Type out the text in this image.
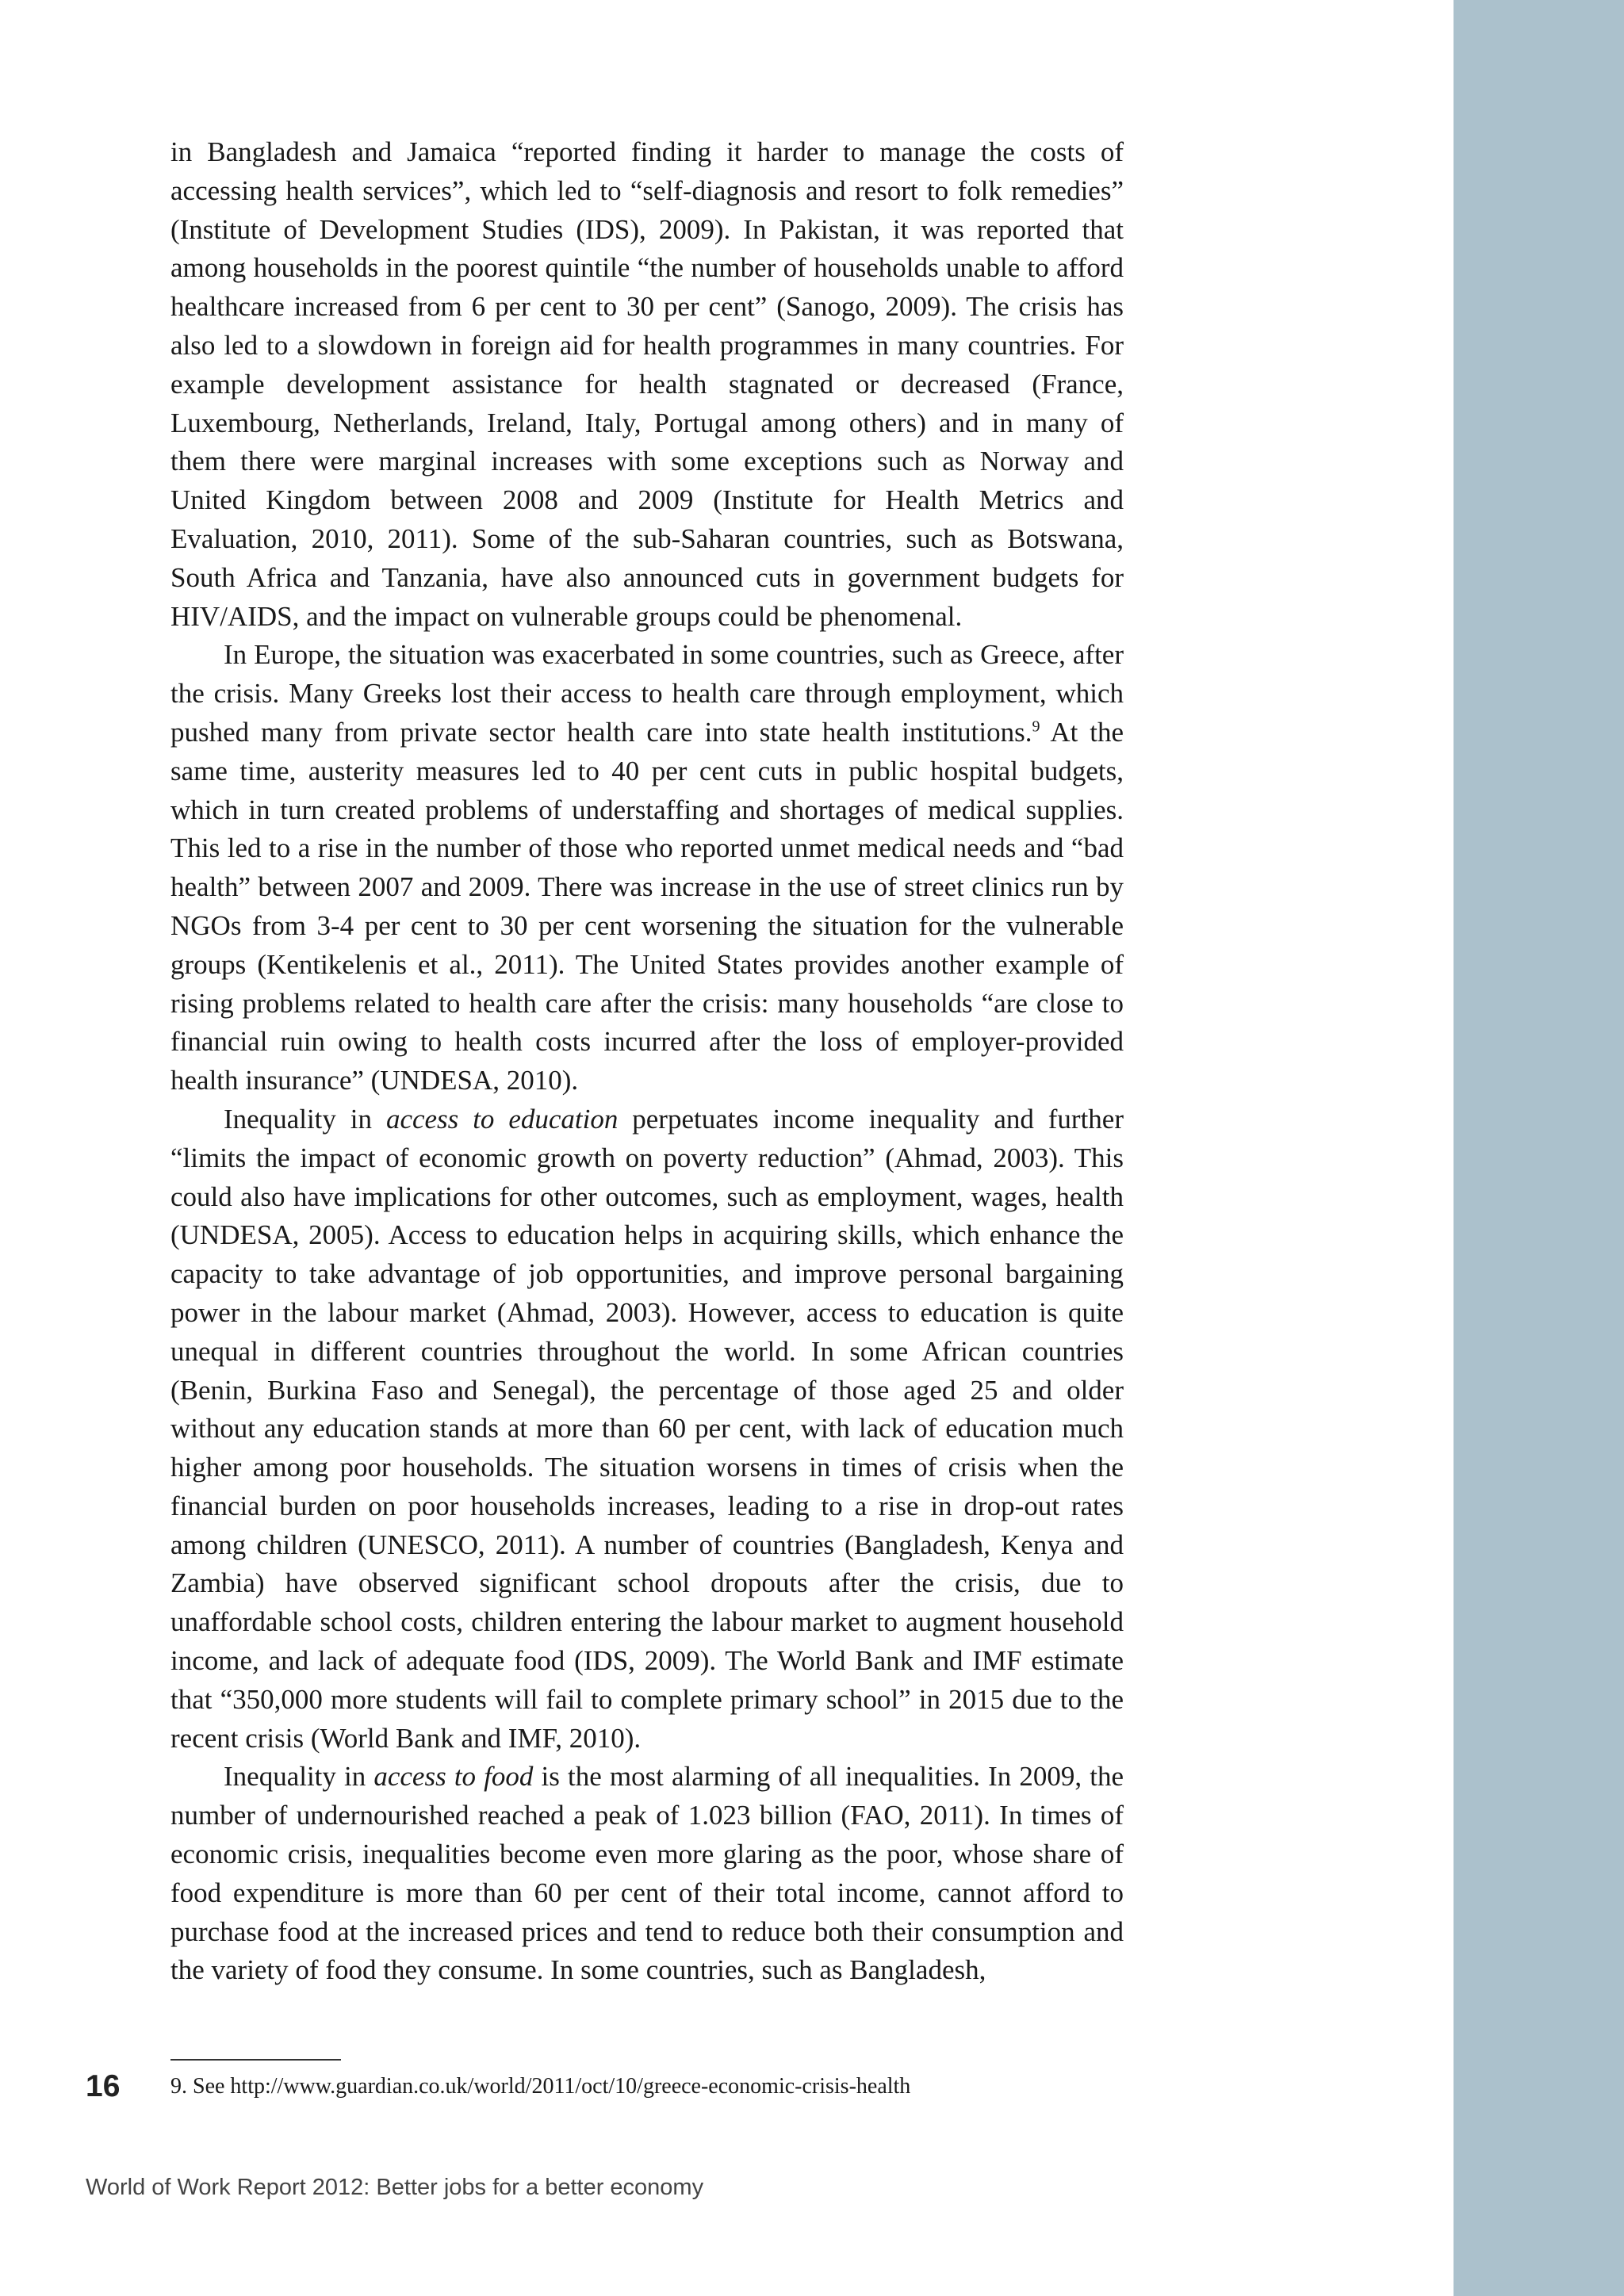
in Bangladesh and Jamaica “reported finding it harder to manage the costs of accessing health services”, which led to “self-diagnosis and resort to folk remedies” (Institute of Development Studies (IDS), 2009). In Pakistan, it was reported that among households in the poorest quintile “the number of households unable to afford healthcare increased from 6 per cent to 30 per cent” (Sanogo, 2009). The crisis has also led to a slowdown in foreign aid for health programmes in many countries. For example development assistance for health stagnated or decreased (France, Luxembourg, Netherlands, Ireland, Italy, Portugal among others) and in many of them there were marginal increases with some exceptions such as Norway and United Kingdom between 2008 and 2009 (Institute for Health Metrics and Evaluation, 2010, 2011). Some of the sub-Saharan countries, such as Botswana, South Africa and Tanzania, have also announced cuts in government budgets for HIV/AIDS, and the impact on vulnerable groups could be phenomenal.

In Europe, the situation was exacerbated in some countries, such as Greece, after the crisis. Many Greeks lost their access to health care through employment, which pushed many from private sector health care into state health institutions.$^9$ At the same time, austerity measures led to 40 per cent cuts in public hospital budgets, which in turn created problems of understaffing and shortages of medical supplies. This led to a rise in the number of those who reported unmet medical needs and “bad health” between 2007 and 2009. There was increase in the use of street clinics run by NGOs from 3-4 per cent to 30 per cent worsening the situation for the vulnerable groups (Kentikelenis et al., 2011). The United States provides another example of rising problems related to health care after the crisis: many households “are close to financial ruin owing to health costs incurred after the loss of employer-provided health insurance” (UNDESA, 2010).

Inequality in access to education perpetuates income inequality and further “limits the impact of economic growth on poverty reduction” (Ahmad, 2003). This could also have implications for other outcomes, such as employment, wages, health (UNDESA, 2005). Access to education helps in acquiring skills, which enhance the capacity to take advantage of job opportunities, and improve personal bargaining power in the labour market (Ahmad, 2003). However, access to education is quite unequal in different countries throughout the world. In some African countries (Benin, Burkina Faso and Senegal), the percentage of those aged 25 and older without any education stands at more than 60 per cent, with lack of education much higher among poor households. The situation worsens in times of crisis when the financial burden on poor households increases, leading to a rise in drop-out rates among children (UNESCO, 2011). A number of countries (Bangladesh, Kenya and Zambia) have observed significant school dropouts after the crisis, due to unaffordable school costs, children entering the labour market to augment household income, and lack of adequate food (IDS, 2009). The World Bank and IMF estimate that “350,000 more students will fail to complete primary school” in 2015 due to the recent crisis (World Bank and IMF, 2010).

Inequality in access to food is the most alarming of all inequalities. In 2009, the number of undernourished reached a peak of 1.023 billion (FAO, 2011). In times of economic crisis, inequalities become even more glaring as the poor, whose share of food expenditure is more than 60 per cent of their total income, cannot afford to purchase food at the increased prices and tend to reduce both their consumption and the variety of food they consume. In some countries, such as Bangladesh,

16 9. See http://www.guardian.co.uk/world/2011/oct/10/greece-economic-crisis-health
World of Work Report 2012: Better jobs for a better economy
